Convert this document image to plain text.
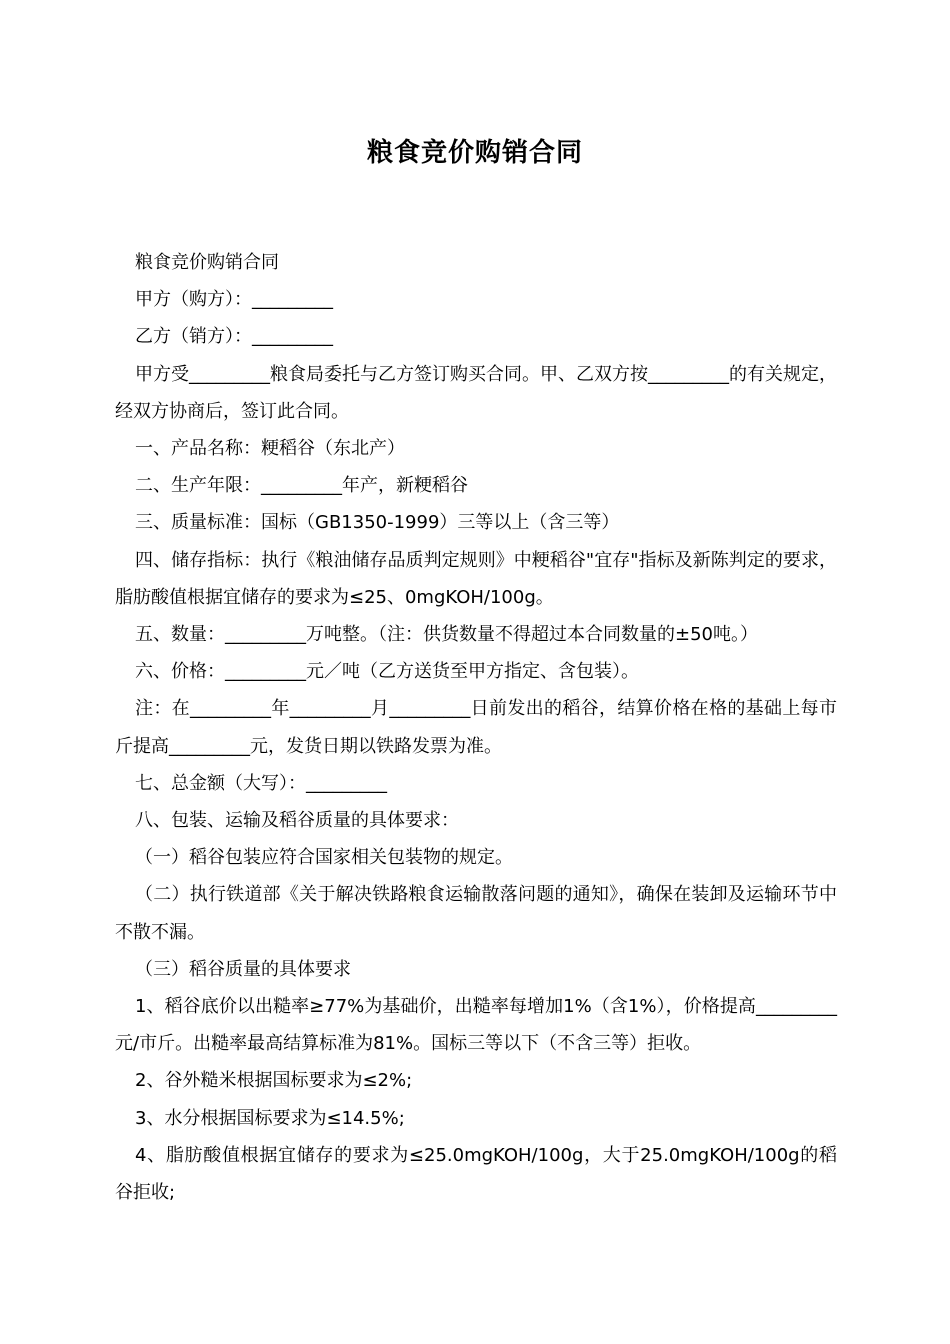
粮食竞价购销合同

粮食竞价购销合同

甲方（购方）：_________

乙方（销方）：_________

甲方受_________粮食局委托与乙方签订购买合同。甲、乙双方按_________的有关规定，经双方协商后，签订此合同。

一、产品名称：粳稻谷（东北产）

二、生产年限：_________年产，新粳稻谷

三、质量标准：国标（GB1350-1999）三等以上（含三等）

四、储存指标：执行《粮油储存品质判定规则》中粳稻谷"宜存"指标及新陈判定的要求，脂肪酸值根据宜储存的要求为≤25、0mgKOH/100g。

五、数量：_________万吨整。（注：供货数量不得超过本合同数量的±50吨。）

六、价格：_________元／吨（乙方送货至甲方指定、含包装）。

注：在_________年_________月_________日前发出的稻谷，结算价格在格的基础上每市斤提高_________元，发货日期以铁路发票为准。

七、总金额（大写）：_________

八、包装、运输及稻谷质量的具体要求：

（一）稻谷包装应符合国家相关包装物的规定。

（二）执行铁道部《关于解决铁路粮食运输散落问题的通知》，确保在装卸及运输环节中不散不漏。

（三）稻谷质量的具体要求

1、稻谷底价以出糙率≥77%为基础价，出糙率每增加1%（含1%），价格提高_________元/市斤。出糙率最高结算标准为81%。国标三等以下（不含三等）拒收。

2、谷外糙米根据国标要求为≤2%;

3、水分根据国标要求为≤14.5%;

4、脂肪酸值根据宜储存的要求为≤25.0mgKOH/100g，大于25.0mgKOH/100g的稻谷拒收;
